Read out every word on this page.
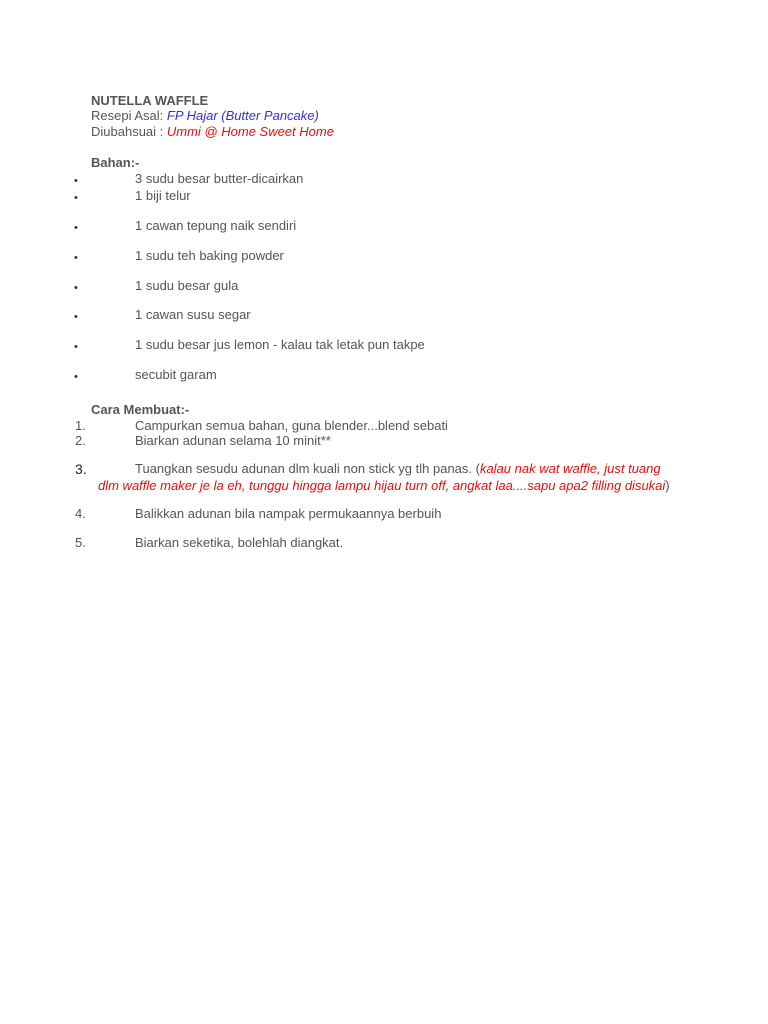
NUTELLA WAFFLE
Resepi Asal: FP Hajar (Butter Pancake)
Diubahsuai : Ummi @ Home Sweet Home
Bahan:-
•	3 sudu besar butter-dicairkan
•	1 biji telur
•	1 cawan tepung naik sendiri
•	1 sudu teh baking powder
•	1 sudu besar gula
•	1 cawan susu segar
•	1 sudu besar jus lemon - kalau tak letak pun takpe
•	secubit garam
Cara Membuat:-
1.	Campurkan semua bahan, guna blender...blend sebati
2.	Biarkan adunan selama 10 minit**
3.	Tuangkan sesudu adunan dlm kuali non stick yg tlh panas. (kalau nak wat waffle, just tuang
dlm waffle maker je la eh, tunggu hingga lampu hijau turn off, angkat laa....sapu apa2 filling disukai)
4.	Balikkan adunan bila nampak permukaannya berbuih
5.	Biarkan seketika, bolehlah diangkat.
